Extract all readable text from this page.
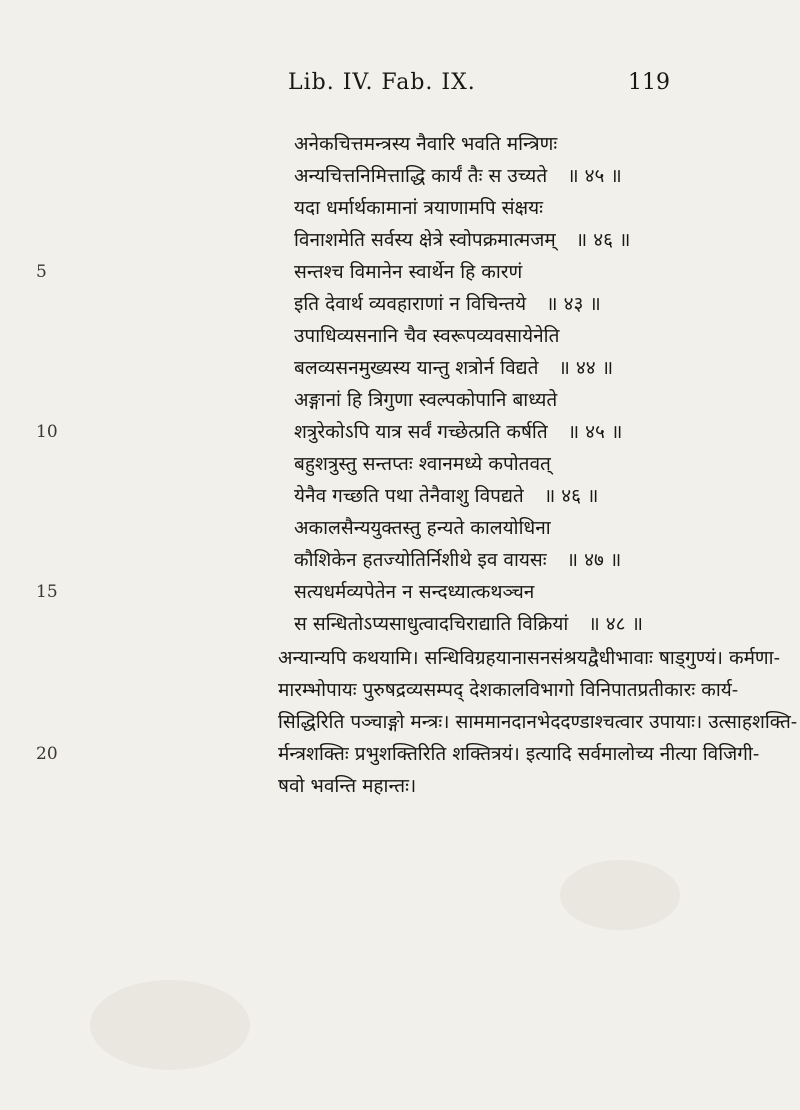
Lib. IV. Fab. IX.	119
अनेकचित्तमन्त्रस्य नैवारि भवति मन्त्रिणः
अन्यचित्तनिमित्ताद्धि कार्यं तैः स उच्यते ॥ ४५ ॥
यदा धर्मार्थकामानां त्रयाणामपि संक्षयः
विनाशमेति सर्वस्य क्षेत्रे स्वोपक्रमात्मजम् ॥ ४६ ॥
सन्तश्च विमानेन स्वार्थेन हि कारणं
इति देवार्थ व्यवहाराणां न विचिन्तये ॥ ४३ ॥
उपाधिव्यसनानि चैव स्वरूपव्यवसायेनेति
बलव्यसनमुख्यस्य यान्तु शत्रोर्न विद्यते ॥ ४४ ॥
अङ्गानां हि त्रिगुणा स्वल्पकोपानि बाध्यते
शत्रुरेकोऽपि यात्र सर्वं गच्छेत्प्रति कर्षति ॥ ४५ ॥
बहुशत्रुस्तु सन्तप्तः श्वानमध्ये कपोतवत्
येनैव गच्छति पथा तेनैवाशु विपद्यते ॥ ४६ ॥
अकालसैन्ययुक्तस्तु हन्यते कालयोधिना
कौशिकेन हतज्योतिर्निशीथे इव वायसः ॥ ४७ ॥
सत्यधर्मव्यपेतेन न सन्दध्यात्कथञ्चन
स सन्धितोऽप्यसाधुत्वादचिराद्याति विक्रियां ॥ ४८ ॥
अन्यान्यपि कथयामि। सन्धिविग्रहयानासनसंश्रयद्वैधीभावाः षाड्गुण्यं। कर्मणा-
मारम्भोपायः पुरुषद्रव्यसम्पद् देशकालविभागो विनिपातप्रतीकारः कार्य-
सिद्धिरिति पञ्चाङ्गो मन्त्रः। साममानदानभेददण्डाश्चत्वार उपायाः। उत्साहशक्ति-
र्मन्त्रशक्तिः प्रभुशक्तिरिति शक्तित्रयं। इत्यादि सर्वमालोच्य नीत्या विजिगी-
षवो भवन्ति महान्तः।
5
10
15
20
